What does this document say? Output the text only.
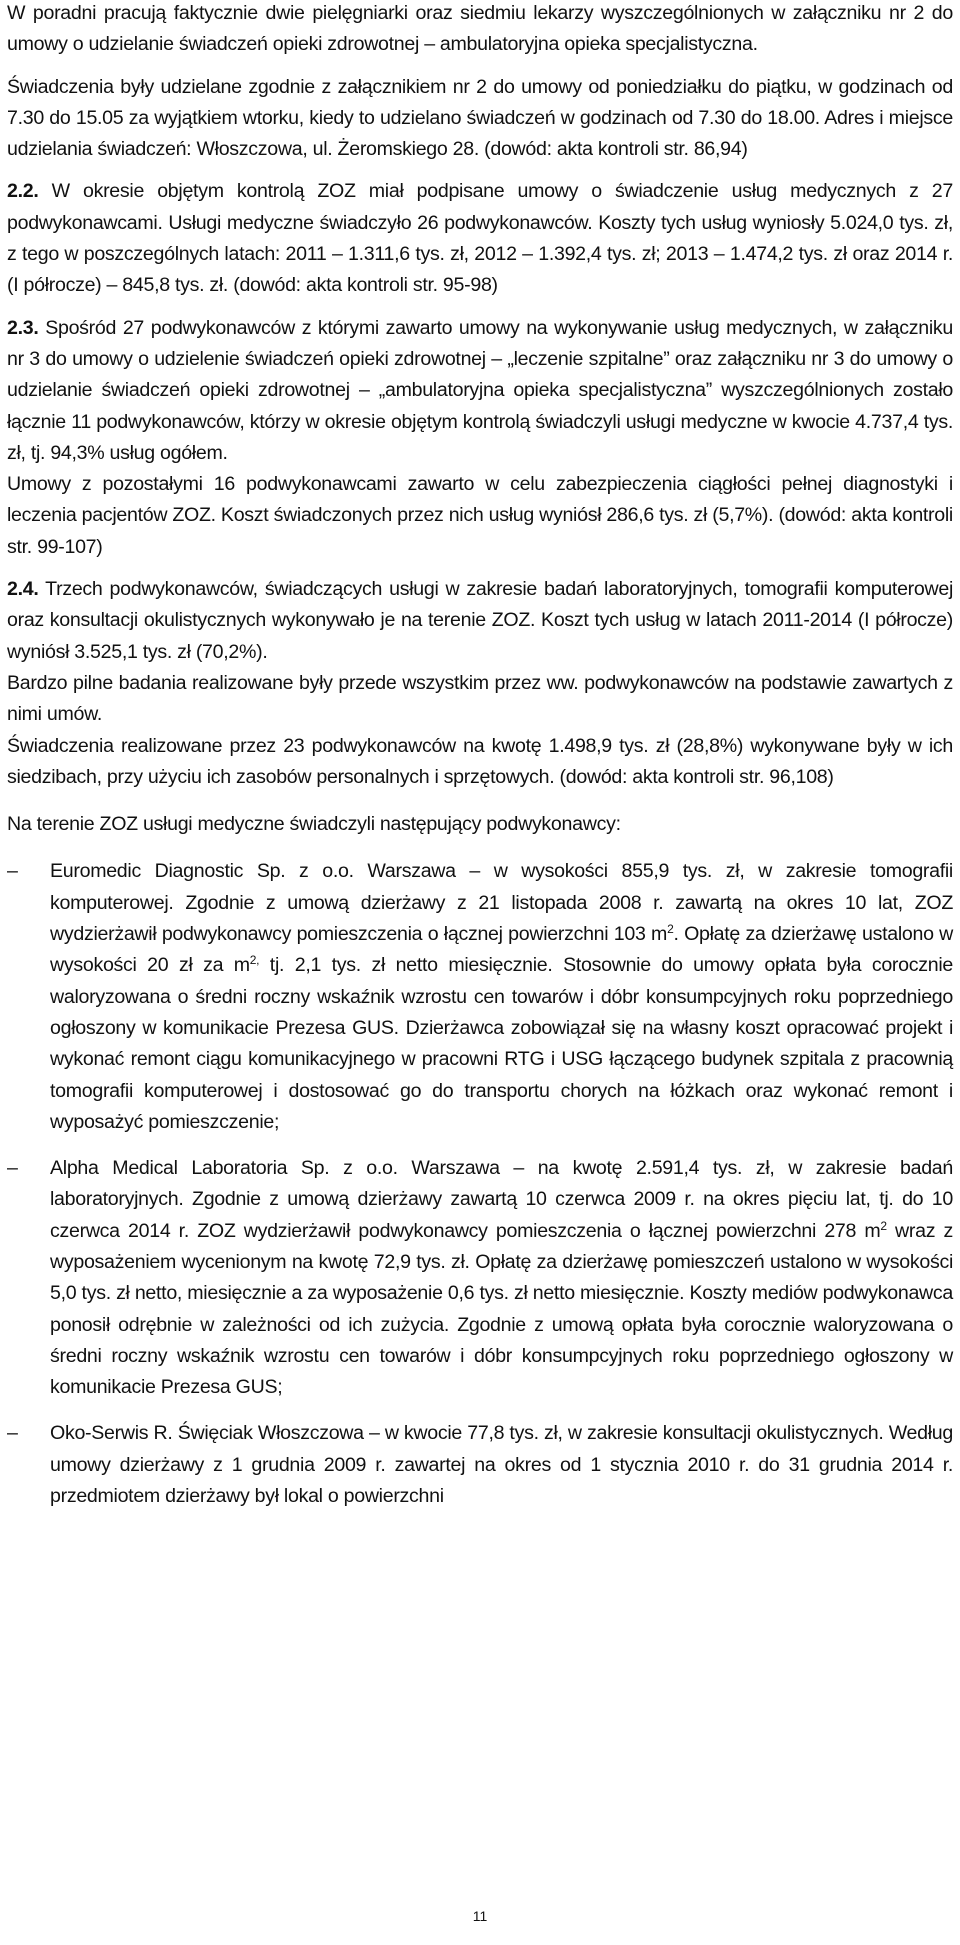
W poradni pracują faktycznie dwie pielęgniarki oraz siedmiu lekarzy wyszczególnionych w załączniku nr 2 do umowy o udzielanie świadczeń opieki zdrowotnej – ambulatoryjna opieka specjalistyczna.

Świadczenia były udzielane zgodnie z załącznikiem nr 2 do umowy od poniedziałku do piątku, w godzinach od 7.30 do 15.05 za wyjątkiem wtorku, kiedy to udzielano świadczeń w godzinach od 7.30 do 18.00. Adres i miejsce udzielania świadczeń: Włoszczowa, ul. Żeromskiego 28. (dowód: akta kontroli str. 86,94)

2.2. W okresie objętym kontrolą ZOZ miał podpisane umowy o świadczenie usług medycznych z 27 podwykonawcami. Usługi medyczne świadczyło 26 podwykonawców. Koszty tych usług wyniosły 5.024,0 tys. zł, z tego w poszczególnych latach: 2011 – 1.311,6 tys. zł, 2012 – 1.392,4 tys. zł; 2013 – 1.474,2 tys. zł oraz 2014 r. (I półrocze) – 845,8 tys. zł. (dowód: akta kontroli str. 95-98)

2.3. Spośród 27 podwykonawców z którymi zawarto umowy na wykonywanie usług medycznych, w załączniku nr 3 do umowy o udzielenie świadczeń opieki zdrowotnej – „leczenie szpitalne” oraz załączniku nr 3 do umowy o udzielanie świadczeń opieki zdrowotnej – „ambulatoryjna opieka specjalistyczna” wyszczególnionych zostało łącznie 11 podwykonawców, którzy w okresie objętym kontrolą świadczyli usługi medyczne w kwocie 4.737,4 tys. zł, tj. 94,3% usług ogółem.

Umowy z pozostałymi 16 podwykonawcami zawarto w celu zabezpieczenia ciągłości pełnej diagnostyki i leczenia pacjentów ZOZ. Koszt świadczonych przez nich usług wyniósł 286,6 tys. zł (5,7%). (dowód: akta kontroli str. 99-107)

2.4. Trzech podwykonawców, świadczących usługi w zakresie badań laboratoryjnych, tomografii komputerowej oraz konsultacji okulistycznych wykonywało je na terenie ZOZ. Koszt tych usług w latach 2011-2014 (I półrocze) wyniósł 3.525,1 tys. zł (70,2%).

Bardzo pilne badania realizowane były przede wszystkim przez ww. podwykonawców na podstawie zawartych z nimi umów.

Świadczenia realizowane przez 23 podwykonawców na kwotę 1.498,9 tys. zł (28,8%) wykonywane były w ich siedzibach, przy użyciu ich zasobów personalnych i sprzętowych. (dowód: akta kontroli str. 96,108)

Na terenie ZOZ usługi medyczne świadczyli następujący podwykonawcy:

–	Euromedic Diagnostic Sp. z o.o. Warszawa – w wysokości 855,9 tys. zł, w zakresie tomografii komputerowej. Zgodnie z umową dzierżawy z 21 listopada 2008 r. zawartą na okres 10 lat, ZOZ wydzierżawił podwykonawcy pomieszczenia o łącznej powierzchni 103 $m^2$. Opłatę za dzierżawę ustalono w wysokości 20 zł za $m^{2,}$ tj. 2,1 tys. zł netto miesięcznie. Stosownie do umowy opłata była corocznie waloryzowana o średni roczny wskaźnik wzrostu cen towarów i dóbr konsumpcyjnych roku poprzedniego ogłoszony w komunikacie Prezesa GUS. Dzierżawca zobowiązał się na własny koszt opracować projekt i wykonać remont ciągu komunikacyjnego w pracowni RTG i USG łączącego budynek szpitala z pracownią tomografii komputerowej i dostosować go do transportu chorych na łóżkach oraz wykonać remont i wyposażyć pomieszczenie;
–	Alpha Medical Laboratoria Sp. z o.o. Warszawa – na kwotę 2.591,4 tys. zł, w zakresie badań laboratoryjnych. Zgodnie z umową dzierżawy zawartą 10 czerwca 2009 r. na okres pięciu lat, tj. do 10 czerwca 2014 r. ZOZ wydzierżawił podwykonawcy pomieszczenia o łącznej powierzchni 278 $m^2$ wraz z wyposażeniem wycenionym na kwotę 72,9 tys. zł. Opłatę za dzierżawę pomieszczeń ustalono w wysokości 5,0 tys. zł netto, miesięcznie a za wyposażenie 0,6 tys. zł netto miesięcznie. Koszty mediów podwykonawca ponosił odrębnie w zależności od ich zużycia. Zgodnie z umową opłata była corocznie waloryzowana o średni roczny wskaźnik wzrostu cen towarów i dóbr konsumpcyjnych roku poprzedniego ogłoszony w komunikacie Prezesa GUS;
–	Oko-Serwis R. Święciak Włoszczowa – w kwocie 77,8 tys. zł, w zakresie konsultacji okulistycznych. Według umowy dzierżawy z 1 grudnia 2009 r. zawartej na okres od 1 stycznia 2010 r. do 31 grudnia 2014 r. przedmiotem dzierżawy był lokal o powierzchni
11
